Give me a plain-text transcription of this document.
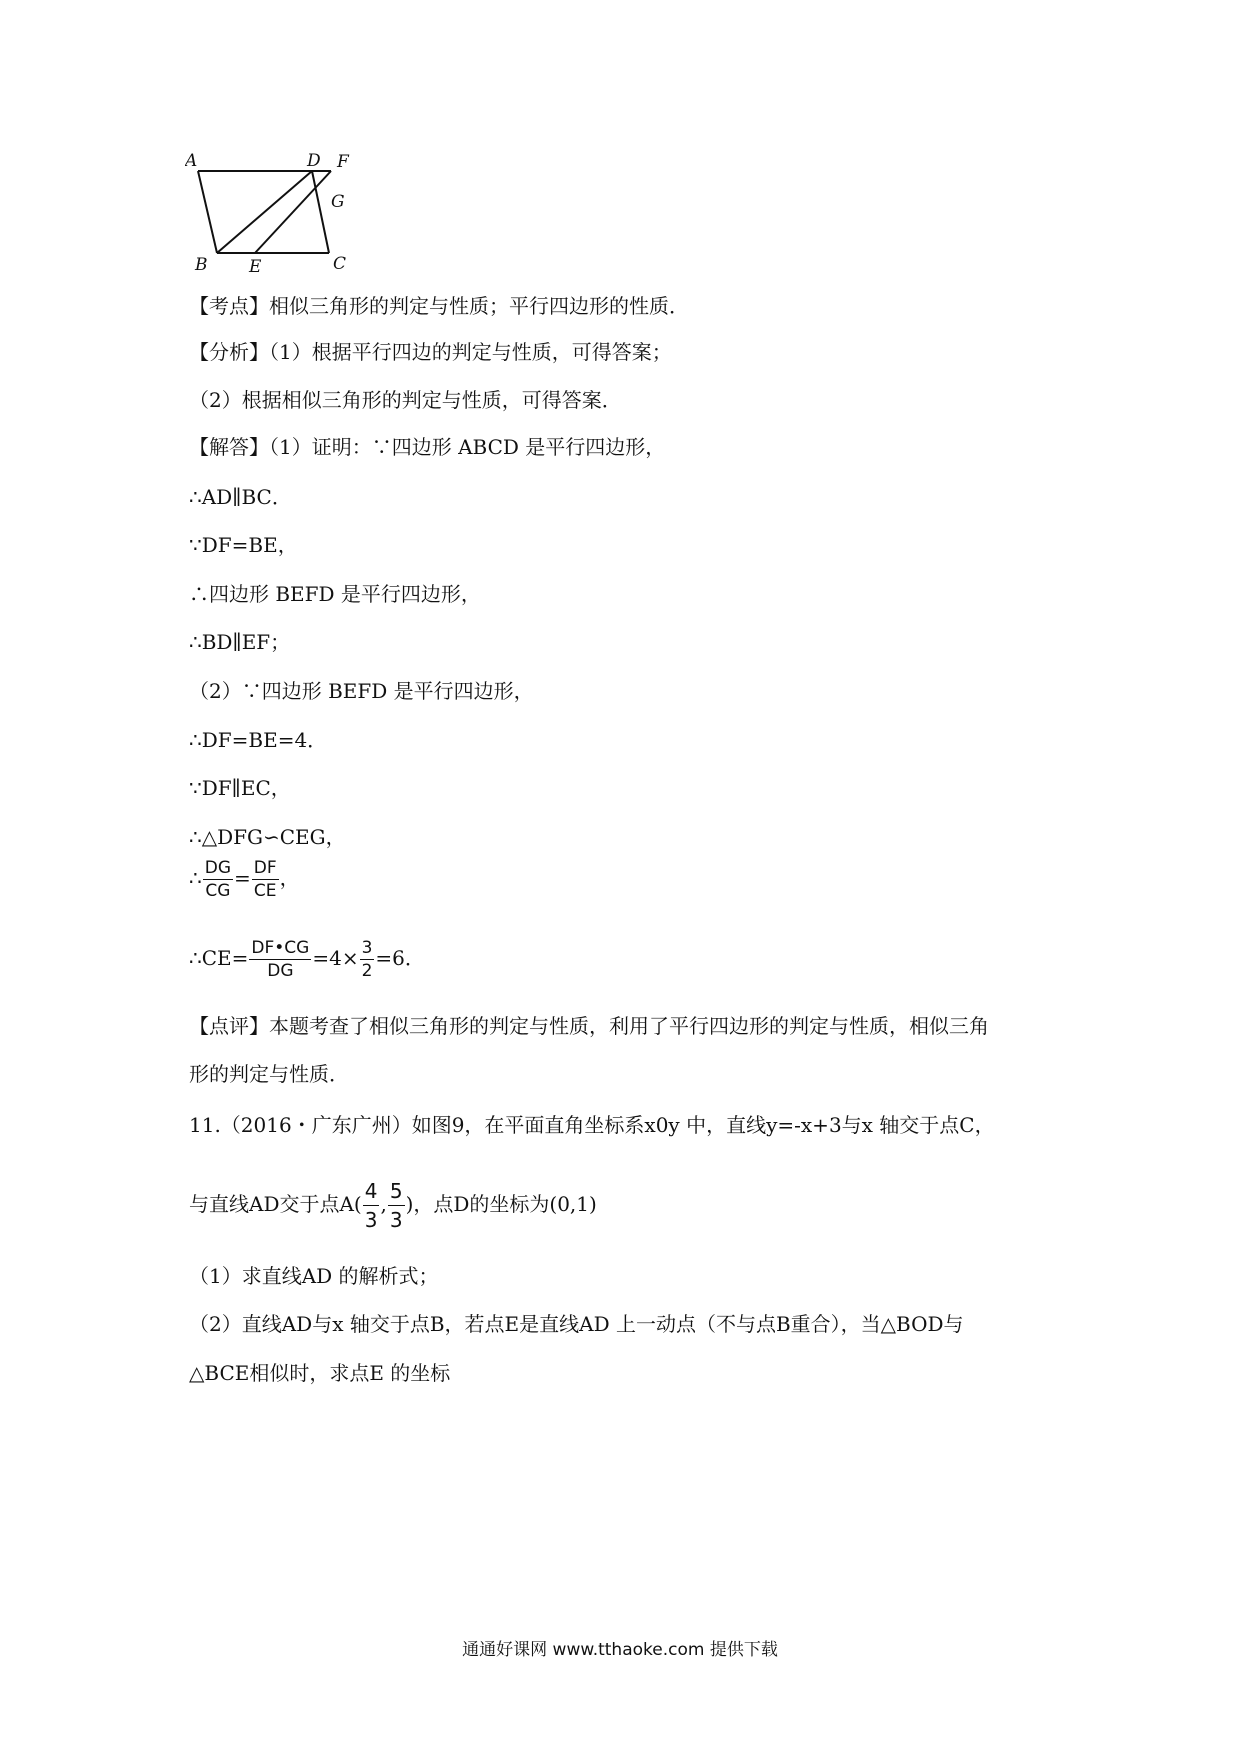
A	D F
G
B E	C
【考点】相似三角形的判定与性质；平行四边形的性质．
【分析】（1）根据平行四边的判定与性质，可得答案；
（2）根据相似三角形的判定与性质，可得答案．
【解答】（1）证明：∵四边形 ABCD 是平行四边形，
∴AD∥BC．
∵DF=BE，
∴四边形 BEFD 是平行四边形，
∴BD∥EF；
（2）∵四边形 BEFD 是平行四边形，
∴DF=BE=4．
∵DF∥EC，
∴△DFG∽CEG，
∴ $\frac{DG}{CG} = \frac{DF}{CE}$ ，
∴CE= $\frac{DF•CG}{DG} =4\times \frac{3}{2} =6$．
【点评】本题考查了相似三角形的判定与性质，利用了平行四边形的判定与性质，相似三角
形的判定与性质．
11.（2016・广东广州）如图9，在平面直角坐标系x0y 中，直线y=-x+3与x 轴交于点C，
与直线AD交于点$A( \frac{4}{3}$ , $\frac{5}{3}$ )，点D的坐标为(0,1)
（1）求直线AD 的解析式；
（2）直线AD与x 轴交于点B，若点E是直线AD 上一动点（不与点B重合），当△BOD与
△BCE相似时，求点E 的坐标
通通好课网 www.tthaoke.com 提供下载
